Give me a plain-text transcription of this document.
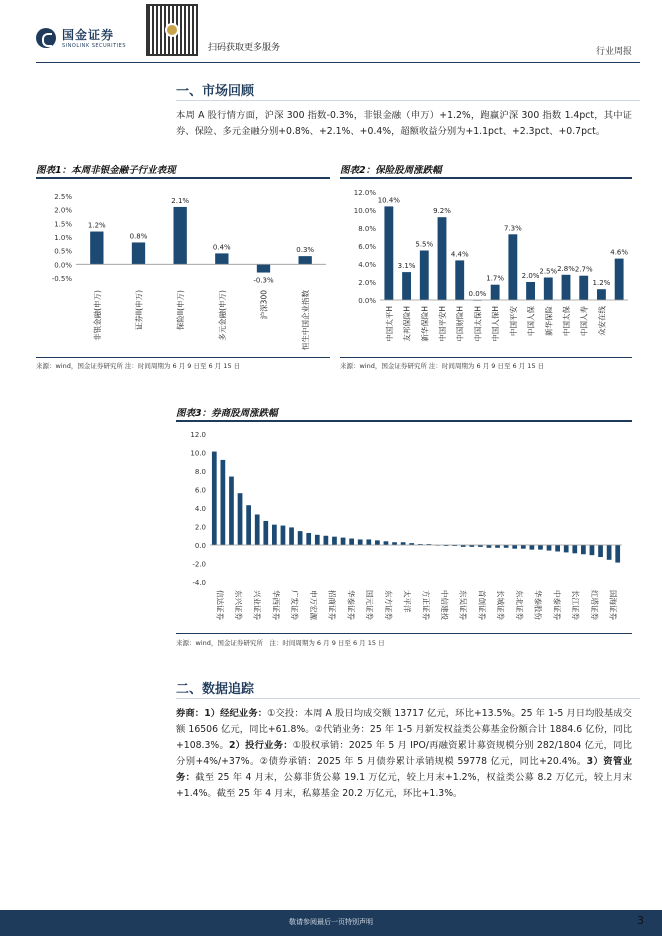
国金证券
SINOLINK SECURITIES	扫码获取更多服务	行业周报
一、市场回顾
本周 A 股行情方面，沪深 300 指数-0.3%，非银金融（申万）+1.2%，跑赢沪深 300 指数 1.4pct，其中证券、保险、多元金融分别+0.8%、+2.1%、+0.4%，超额收益分别为+1.1pct、+2.3pct、+0.7pct。
图表1：本周非银金融子行业表现
2.5%
2.0%
1.5%
1.0%
0.5%
0.0%
-0.5%
1.2%
0.8%
2.1%
0.4%
-0.3%
0.3%
非银金融(申万)	证券II(申万)	保险II(申万)	多元金融(申万)	沪深300	恒生中国企业指数
来源：wind，国金证券研究所 注：时间周期为 6 月 9 日至 6 月 15 日
图表2：保险股周涨跌幅
12.0%
10.0%
8.0%
6.0%
4.0%
2.0%
0.0%
10.4%
3.1%
5.5%
9.2%
4.4%
0.0%
1.7%
7.3%
2.0%
2.5% 2.8% 2.7%
1.2%
4.6%
中国太平H 友邦保险H 新华保险H 中国平安H 中国财险H 中国太保H 中国人保H 中国平安 中国人保 新华保险 中国太保 中国人寿 众安在线
来源：wind，国金证券研究所 注：时间周期为 6 月 9 日至 6 月 15 日
图表3：券商股周涨跌幅
12.0
10.0
8.0
6.0
4.0
2.0
0.0
-2.0
-4.0
信达证券 东兴证券 兴业证券 华西证券 广发证券 申万宏源 招商证券 华泰证券 国元证券 东方证券 太平洋 方正证券 中信建投 东吴证券 首创证券 长城证券 东北证券 华泰股份 中泰证券 长江证券 红塔证券 国海证券
来源：wind，国金证券研究所　注：时间周期为 6 月 9 日至 6 月 15 日
二、数据追踪
券商：1）经纪业务：①交投：本周 A 股日均成交额 13717 亿元，环比+13.5%。25 年 1-5 月日均股基成交额 16506 亿元，同比+61.8%。②代销业务：25 年 1-5 月新发权益类公募基金份额合计 1884.6 亿份，同比+108.3%。2）投行业务：①股权承销：2025 年 5 月 IPO/再融资累计募资规模分别 282/1804 亿元，同比分别+4%/+37%。②债券承销：2025 年 5 月债券累计承销规模 59778 亿元，同比+20.4%。3）资管业务：截至 25 年 4 月末，公募非货公募 19.1 万亿元，较上月末+1.2%，权益类公募 8.2 万亿元，较上月末+1.4%。截至 25 年 4 月末，私募基金 20.2 万亿元，环比+1.3%。
敬请参阅最后一页特别声明	3
